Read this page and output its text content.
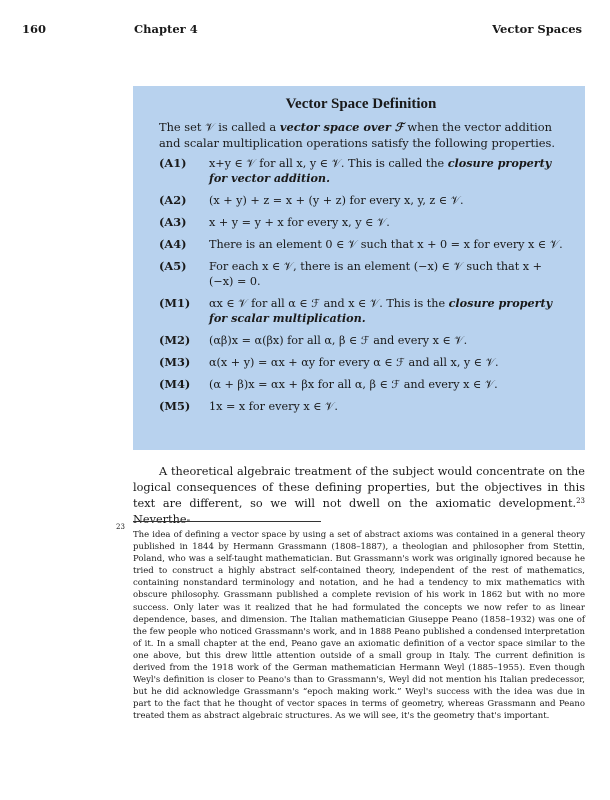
160	Chapter 4	Vector Spaces
Vector Space Definition
The set 𝒱 is called a vector space over ℱ when the vector addition and scalar multiplication operations satisfy the following properties.
(A1) x+y ∈ 𝒱 for all x, y ∈ 𝒱. This is called the closure property for vector addition.
(A2) (x + y) + z = x + (y + z) for every x, y, z ∈ 𝒱.
(A3) x + y = y + x for every x, y ∈ 𝒱.
(A4) There is an element 0 ∈ 𝒱 such that x + 0 = x for every x ∈ 𝒱.
(A5) For each x ∈ 𝒱, there is an element (−x) ∈ 𝒱 such that x + (−x) = 0.
(M1) αx ∈ 𝒱 for all α ∈ ℱ and x ∈ 𝒱. This is the closure property for scalar multiplication.
(M2) (αβ)x = α(βx) for all α, β ∈ ℱ and every x ∈ 𝒱.
(M3) α(x + y) = αx + αy for every α ∈ ℱ and all x, y ∈ 𝒱.
(M4) (α + β)x = αx + βx for all α, β ∈ ℱ and every x ∈ 𝒱.
(M5) 1x = x for every x ∈ 𝒱.
A theoretical algebraic treatment of the subject would concentrate on the logical consequences of these defining properties, but the objectives in this text are different, so we will not dwell on the axiomatic development.$^{23}$ Neverthe-
23
The idea of defining a vector space by using a set of abstract axioms was contained in a general theory published in 1844 by Hermann Grassmann (1808–1887), a theologian and philosopher from Stettin, Poland, who was a self-taught mathematician. But Grassmann's work was originally ignored because he tried to construct a highly abstract self-contained theory, independent of the rest of mathematics, containing nonstandard terminology and notation, and he had a tendency to mix mathematics with obscure philosophy. Grassmann published a complete revision of his work in 1862 but with no more success. Only later was it realized that he had formulated the concepts we now refer to as linear dependence, bases, and dimension. The Italian mathematician Giuseppe Peano (1858–1932) was one of the few people who noticed Grassmann's work, and in 1888 Peano published a condensed interpretation of it. In a small chapter at the end, Peano gave an axiomatic definition of a vector space similar to the one above, but this drew little attention outside of a small group in Italy. The current definition is derived from the 1918 work of the German mathematician Hermann Weyl (1885–1955). Even though Weyl's definition is closer to Peano's than to Grassmann's, Weyl did not mention his Italian predecessor, but he did acknowledge Grassmann's “epoch making work.” Weyl's success with the idea was due in part to the fact that he thought of vector spaces in terms of geometry, whereas Grassmann and Peano treated them as abstract algebraic structures. As we will see, it's the geometry that's important.
